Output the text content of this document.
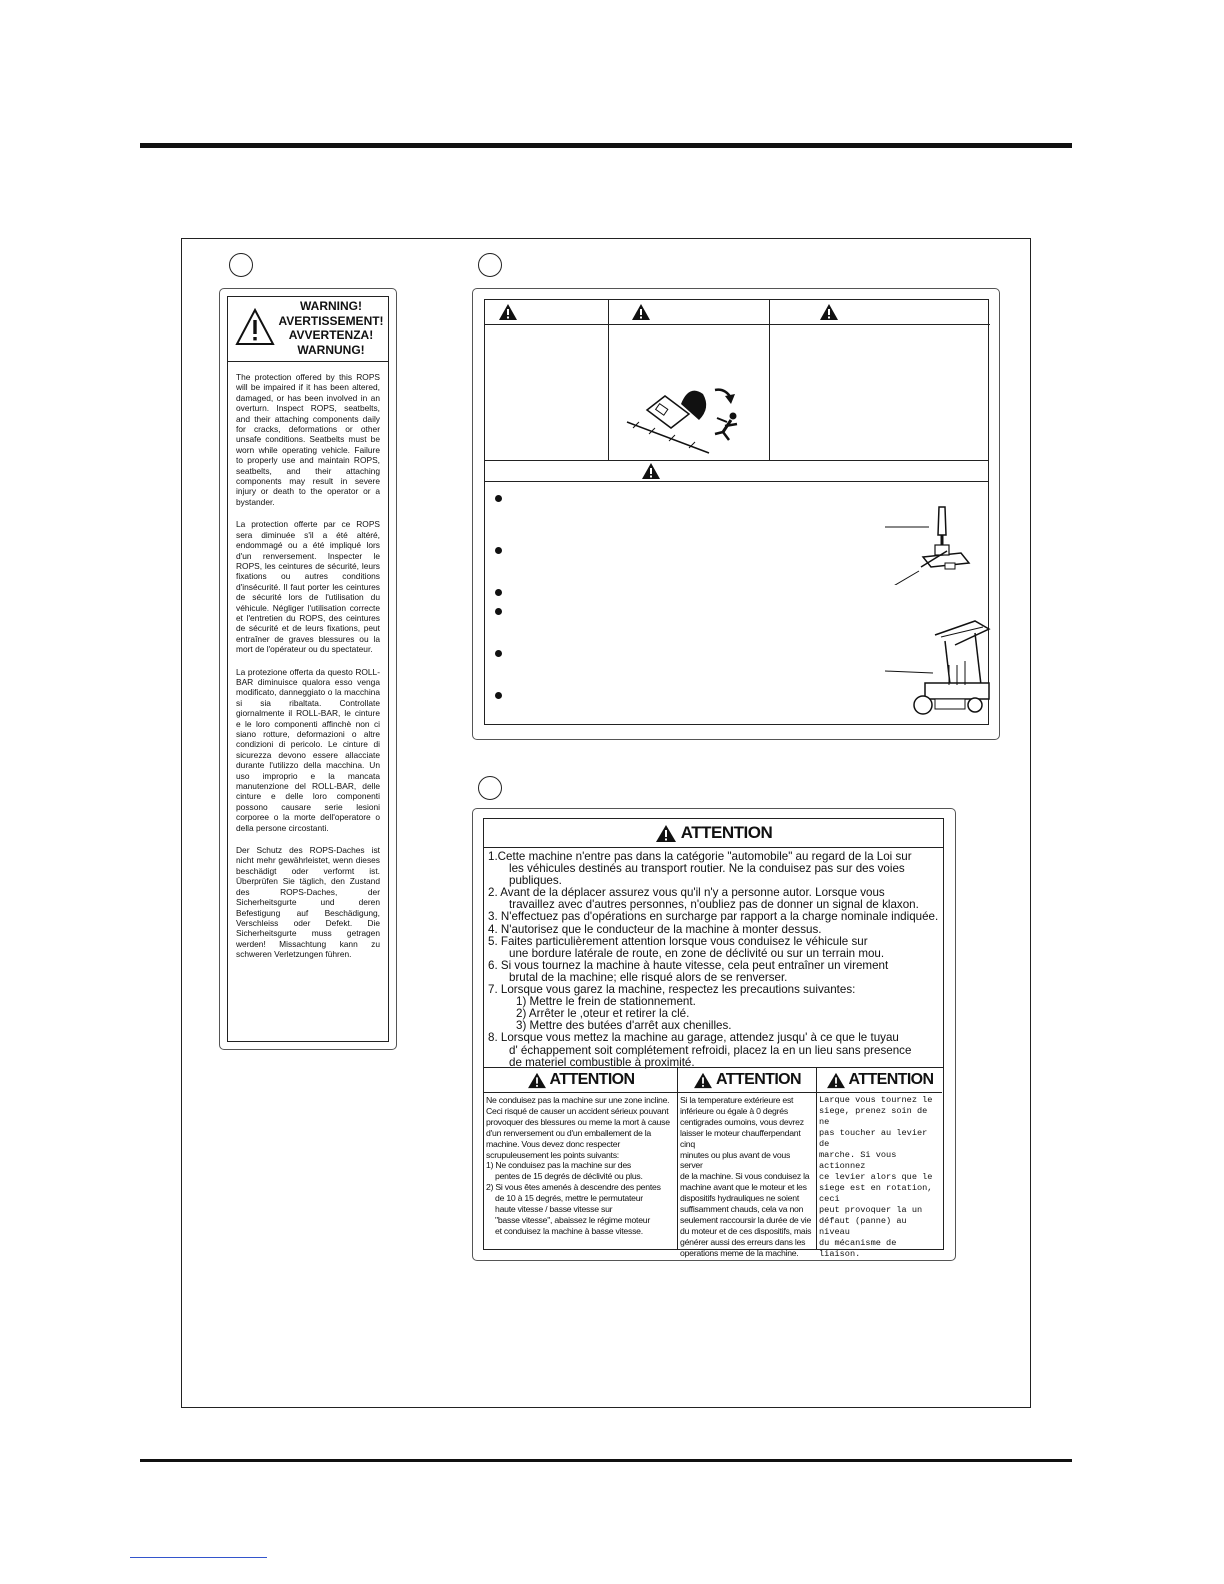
WARNING!
AVERTISSEMENT!
AVVERTENZA!
WARNUNG!

The protection offered by this ROPS will be impaired if it has been altered, damaged, or has been involved in an overturn. Inspect ROPS, seatbelts, and their attaching components daily for cracks, deformations or other unsafe conditions. Seatbelts must be worn while operating vehicle. Failure to properly use and maintain ROPS, seatbelts, and their attaching components may result in severe injury or death to the operator or a bystander.

La protection offerte par ce ROPS sera diminuée s'il a été altéré, endommagé ou a été impliqué lors d'un renversement. Inspecter le ROPS, les ceintures de sécurité, leurs fixations ou autres conditions d'insécurité. Il faut porter les ceintures de sécurité lors de l'utilisation du véhicule. Négliger l'utilisation correcte et l'entretien du ROPS, des ceintures de sécurité et de leurs fixations, peut entraîner de graves blessures ou la mort de l'opérateur ou du spectateur.

La protezione offerta da questo ROLL-BAR diminuisce qualora esso venga modificato, danneggiato o la macchina si sia ribaltata. Controllate giornalmente il ROLL-BAR, le cinture e le loro componenti affinchè non ci siano rotture, deformazioni o altre condizioni di pericolo. Le cinture di sicurezza devono essere allacciate durante l'utilizzo della macchina. Un uso improprio e la mancata manutenzione del ROLL-BAR, delle cinture e delle loro componenti possono causare serie lesioni corporee o la morte dell'operatore o della persone circostanti.

Der Schutz des ROPS-Daches ist nicht mehr gewährleistet, wenn dieses beschädigt oder verformt ist. Überprüfen Sie täglich, den Zustand des ROPS-Daches, der Sicherheitsgurte und deren Befestigung auf Beschädigung, Verschleiss oder Defekt. Die Sicherheitsgurte muss getragen werden! Missachtung kann zu schweren Verletzungen führen.

ATTENTION
1.Cette machine n'entre pas dans la catégorie "automobile" au regard de la Loi sur
les véhicules destinés au transport routier. Ne la conduisez pas sur des voies publiques.
2. Avant de la déplacer assurez vous qu'il n'y a personne autor. Lorsque vous
travaillez avec d'autres personnes, n'oubliez pas de donner un signal de klaxon.
3. N'effectuez pas d'opérations en surcharge par rapport a la charge nominale indiquée.
4. N'autorisez que le conducteur de la machine à monter dessus.
5. Faites particulièrement attention lorsque vous conduisez le véhicule sur
une bordure latérale de route, en zone de déclivité ou sur un terrain mou.
6. Si vous tournez la machine à haute vitesse, cela peut entraîner un virement
brutal de la machine; elle risqué alors de se renverser.
7. Lorsque vous garez la machine, respectez les precautions suivantes:
1) Mettre le frein de stationnement.
2) Arrêter le ,oteur et retirer la clé.
3) Mettre des butées d'arrêt aux chenilles.
8. Lorsque vous mettez la machine au garage, attendez jusqu' à ce que le tuyau
d' échappement soit complétement refroidi, placez la en un lieu sans presence
de materiel combustible à proximité.
ATTENTION
Ne conduisez pas la machine sur une zone incline.
Ceci risqué de causer un accident sérieux pouvant
provoquer des blessures ou meme la mort à cause
d'un renversement ou d'un emballement de la
machine. Vous devez donc respecter
scrupuleusement les points suivants:
1) Ne conduisez pas la machine sur des
pentes de 15 degrés de déclivité ou plus.
2) Si vous êtes amenés à descendre des pentes
de 10 à 15 degrés, mettre le permutateur
haute vitesse / basse vitesse sur
"basse vitesse", abaissez le régime moteur
et conduisez la machine à basse vitesse.
ATTENTION
Si la temperature extérieure est
inférieure ou égale à 0 degrés
centigrades oumoins, vous devrez
laisser le moteur chaufferpendant cinq
minutes ou plus avant de vous server
de la machine. Si vous conduisez la
machine avant que le moteur et les
dispositifs hydrauliques ne soient
suffisamment chauds, cela va non
seulement raccoursir la durée de vie
du moteur et de ces dispositifs, mais
générer aussi des erreurs dans les
operations meme de la machine.
ATTENTION
Larque vous tournez le
siege, prenez soin de ne
pas toucher au levier de
marche. Si vous actionnez
ce levier alors que le
siege est en rotation, ceci
peut provoquer la un
défaut (panne) au niveau
du mécanisme de liaison.
